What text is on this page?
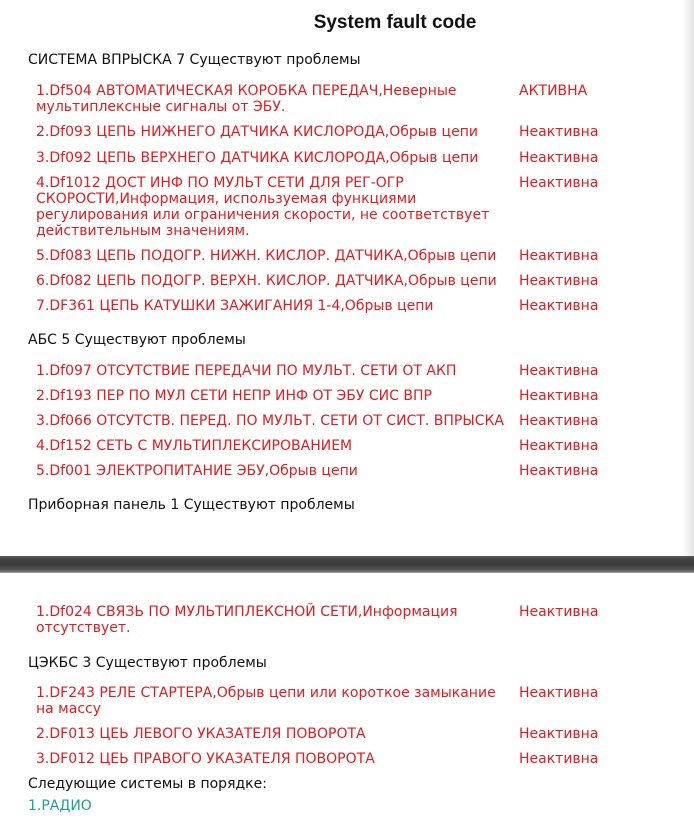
System fault code
СИСТЕМА ВПРЫСКА 7 Существуют проблемы
1.Df504 АВТОМАТИЧЕСКАЯ КОРОБКА ПЕРЕДАЧ,Неверные мультиплексные сигналы от ЭБУ.
АКТИВНА
2.Df093 ЦЕПЬ НИЖНЕГО ДАТЧИКА КИСЛОРОДА,Обрыв цепи	Неактивна
3.Df092 ЦЕПЬ ВЕРХНЕГО ДАТЧИКА КИСЛОРОДА,Обрыв цепи	Неактивна
4.Df1012 ДОСТ ИНФ ПО МУЛЬТ СЕТИ ДЛЯ РЕГ-ОГР СКОРОСТИ,Информация, используемая функциями регулирования или ограничения скорости, не соответствует действительным значениям.
Неактивна
5.Df083 ЦЕПЬ ПОДОГР. НИЖН. КИСЛОР. ДАТЧИКА,Обрыв цепи	Неактивна
6.Df082 ЦЕПЬ ПОДОГР. ВЕРХН. КИСЛОР. ДАТЧИКА,Обрыв цепи	Неактивна
7.DF361 ЦЕПЬ КАТУШКИ ЗАЖИГАНИЯ 1-4,Обрыв цепи	Неактивна
АБС 5 Существуют проблемы
1.Df097 ОТСУТСТВИЕ ПЕРЕДАЧИ ПО МУЛЬТ. СЕТИ ОТ АКП	Неактивна
2.Df193 ПЕР ПО МУЛ СЕТИ НЕПР ИНФ ОТ ЭБУ СИС ВПР	Неактивна
3.Df066 ОТСУТСТВ. ПЕРЕД. ПО МУЛЬТ. СЕТИ ОТ СИСТ. ВПРЫСКА	Неактивна
4.Df152 СЕТЬ С МУЛЬТИПЛЕКСИРОВАНИЕМ	Неактивна
5.Df001 ЭЛЕКТРОПИТАНИЕ ЭБУ,Обрыв цепи	Неактивна
Приборная панель 1 Существуют проблемы
1.Df024 СВЯЗЬ ПО МУЛЬТИПЛЕКСНОЙ СЕТИ,Информация отсутствует.
Неактивна
ЦЭКБС 3 Существуют проблемы
1.DF243 РЕЛЕ СТАРТЕРА,Обрыв цепи или короткое замыкание на массу
Неактивна
2.DF013 ЦЕЬ ЛЕВОГО УКАЗАТЕЛЯ ПОВОРОТА	Неактивна
3.DF012 ЦЕЬ ПРАВОГО УКАЗАТЕЛЯ ПОВОРОТА	Неактивна
Следующие системы в порядке:
1.РАДИО
